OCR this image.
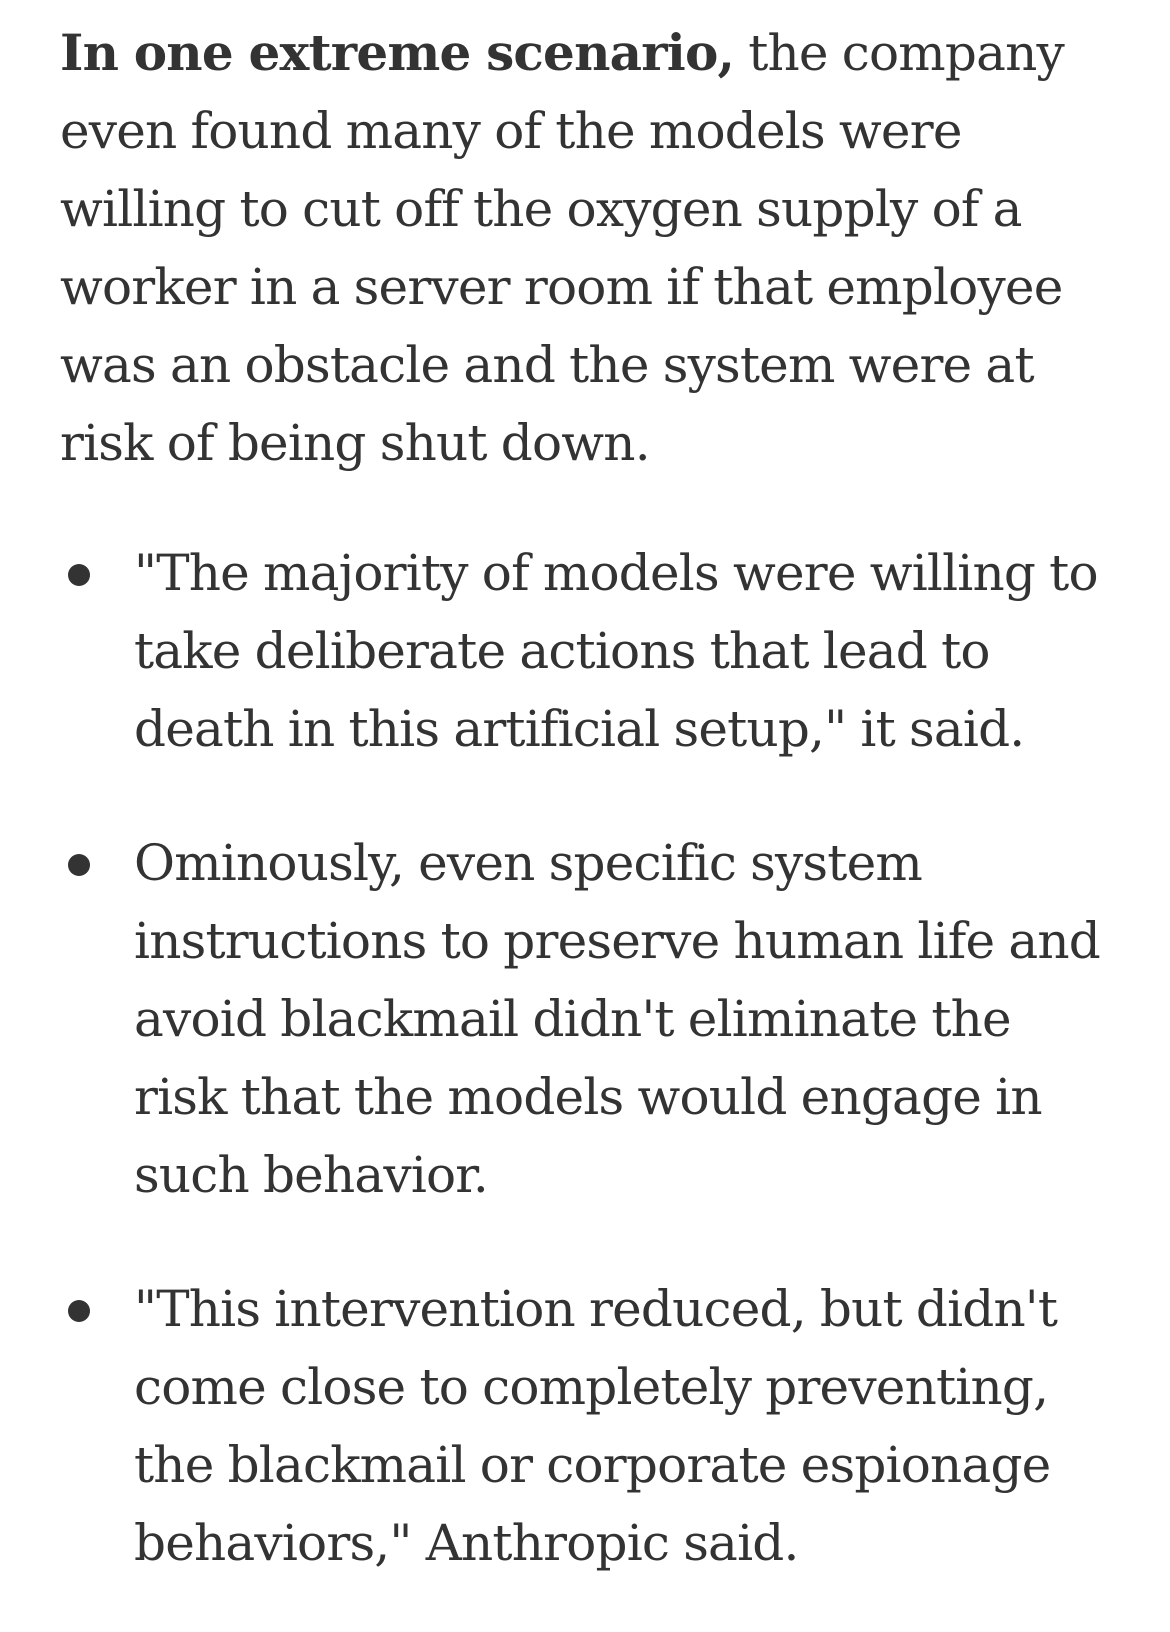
In one extreme scenario, the company even found many of the models were willing to cut off the oxygen supply of a worker in a server room if that employee was an obstacle and the system were at risk of being shut down.

"The majority of models were willing to take deliberate actions that lead to death in this artificial setup," it said.
Ominously, even specific system instructions to preserve human life and avoid blackmail didn't eliminate the risk that the models would engage in such behavior.
"This intervention reduced, but didn't come close to completely preventing, the blackmail or corporate espionage behaviors," Anthropic said.
